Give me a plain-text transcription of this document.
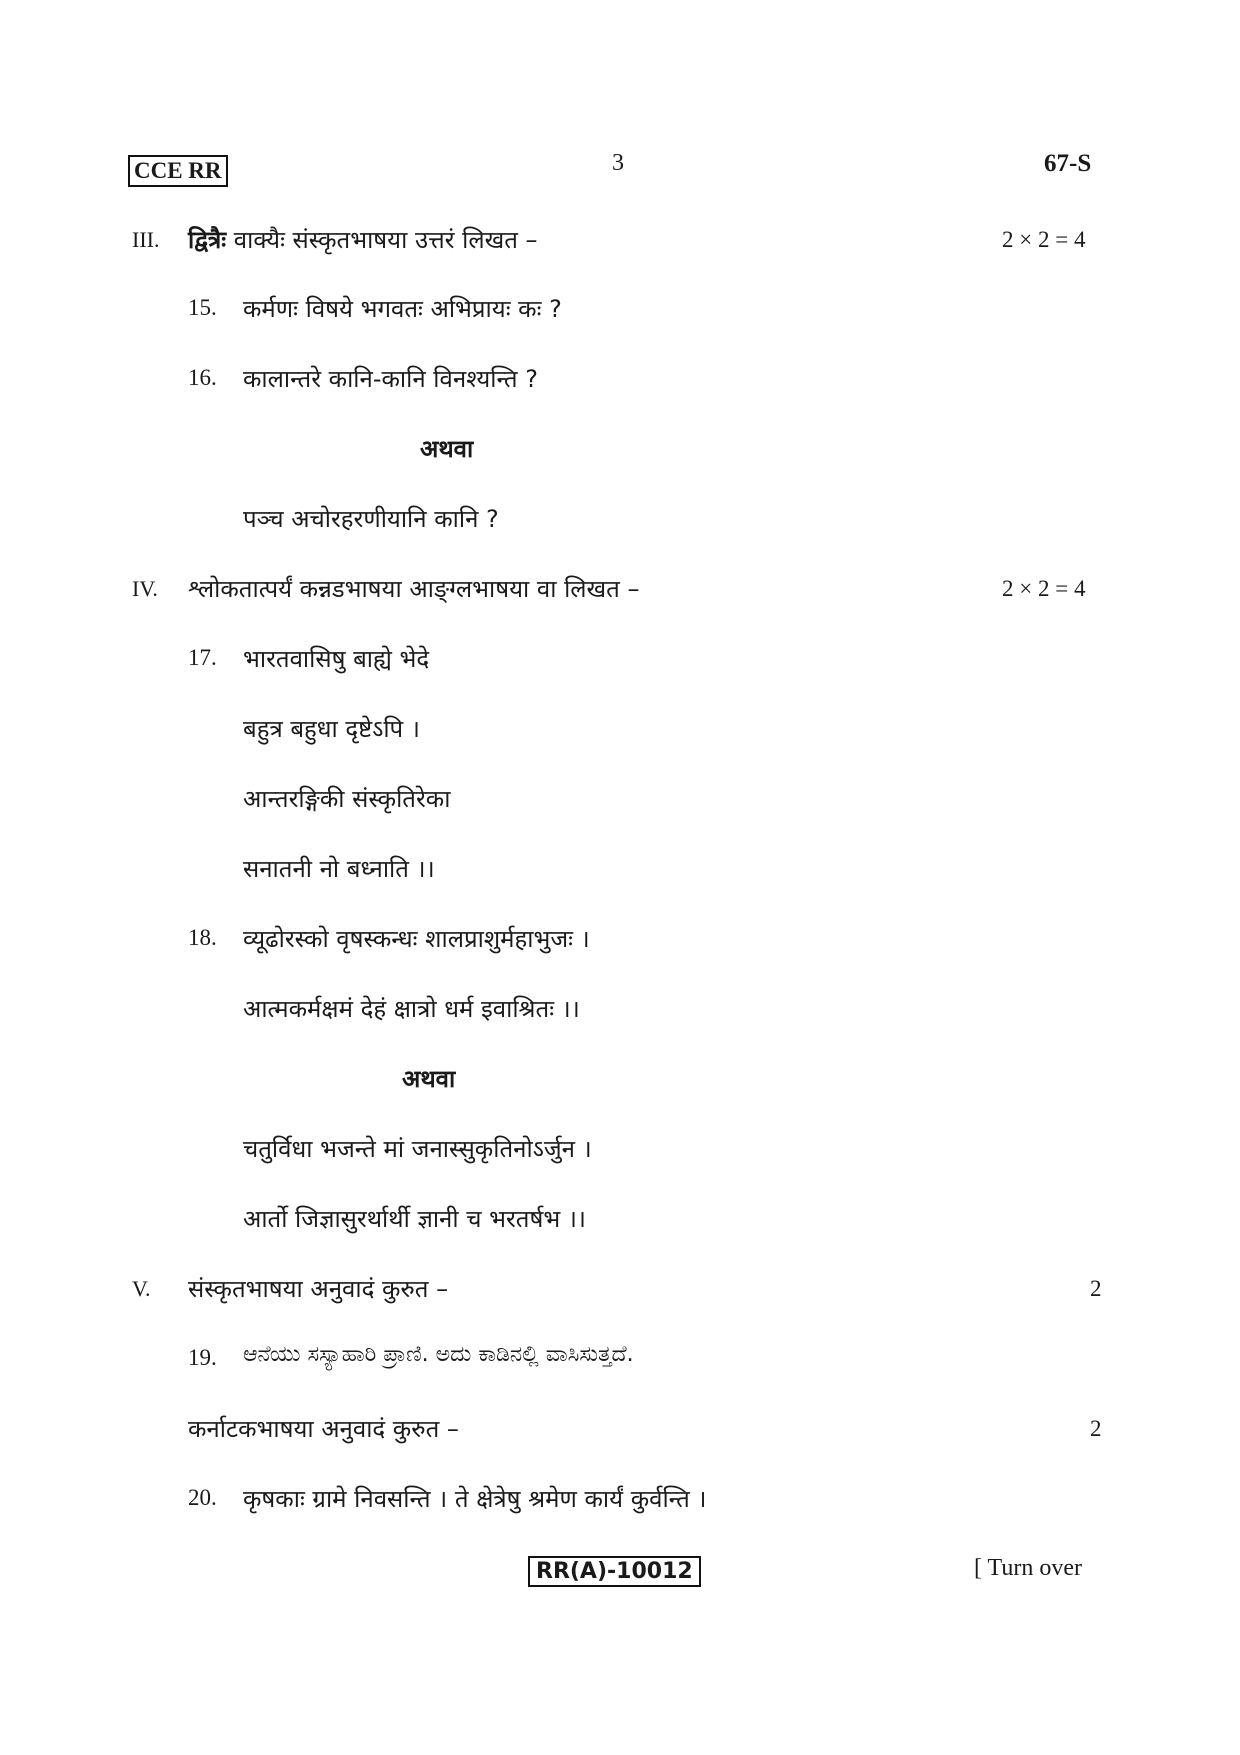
CCE RR	3	67-S
III. द्वित्रैः वाक्यैः संस्कृतभाषया उत्तरं लिखत –	2 × 2 = 4
15. कर्मणः विषये भगवतः अभिप्रायः कः ?
16. कालान्तरे कानि-कानि विनश्यन्ति ?
अथवा
पञ्च अचोरहरणीयानि कानि ?
IV. श्लोकतात्पर्यं कन्नडभाषया आङ्ग्लभाषया वा लिखत –	2 × 2 = 4
17. भारतवासिषु बाह्ये भेदे
बहुत्र बहुधा दृष्टेऽपि ।
आन्तरङ्गिकी संस्कृतिरेका
सनातनी नो बध्नाति ।।
18. व्यूढोरस्को वृषस्कन्धः शालप्राशुर्महाभुजः ।
आत्मकर्मक्षमं देहं क्षात्रो धर्म इवाश्रितः ।।
अथवा
चतुर्विधा भजन्ते मां जनास्सुकृतिनोऽर्जुन ।
आर्तो जिज्ञासुरर्थार्थी ज्ञानी च भरतर्षभ ।।
V. संस्कृतभाषया अनुवादं कुरुत –	2
19. ಆನೆಯು ಸಸ್ಯಾಹಾರಿ ಪ್ರಾಣಿ. ಅದು ಕಾಡಿನಲ್ಲಿ ವಾಸಿಸುತ್ತದೆ.
कर्नाटकभाषया अनुवादं कुरुत –	2
20. कृषकाः ग्रामे निवसन्ति । ते क्षेत्रेषु श्रमेण कार्यं कुर्वन्ति ।
RR(A)-10012	[ Turn over
